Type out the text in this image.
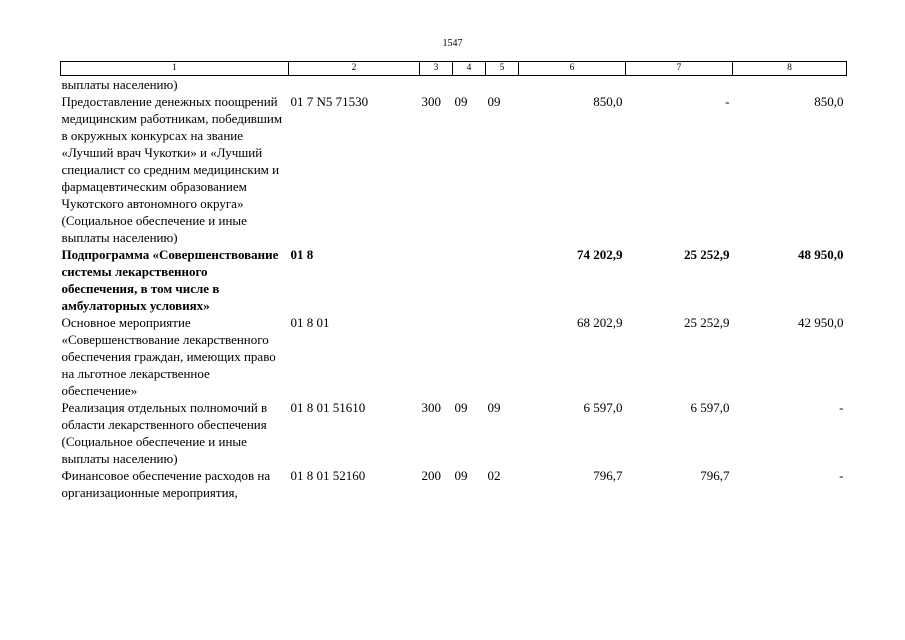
1547
1	2	3	4	5	6	7	8
выплаты населению)							
Предоставление денежных поощрений медицинским работникам, победившим в окружных конкурсах на звание «Лучший врач Чукотки» и «Лучший специалист со средним медицинским и фармацевтическим образованием Чукотского автономного округа» (Социальное обеспечение и иные выплаты населению)	01 7 N5 71530	300	09	09	850,0	-	850,0
Подпрограмма «Совершенствование системы лекарственного обеспечения, в том числе в амбулаторных условиях»	01 8				74 202,9	25 252,9	48 950,0
Основное мероприятие «Совершенствование лекарственного обеспечения граждан, имеющих право на льготное лекарственное обеспечение»	01 8 01				68 202,9	25 252,9	42 950,0
Реализация отдельных полномочий в области лекарственного обеспечения (Социальное обеспечение и иные выплаты населению)	01 8 01 51610	300	09	09	6 597,0	6 597,0	-
Финансовое обеспечение расходов на организационные мероприятия,	01 8 01 52160	200	09	02	796,7	796,7	-
